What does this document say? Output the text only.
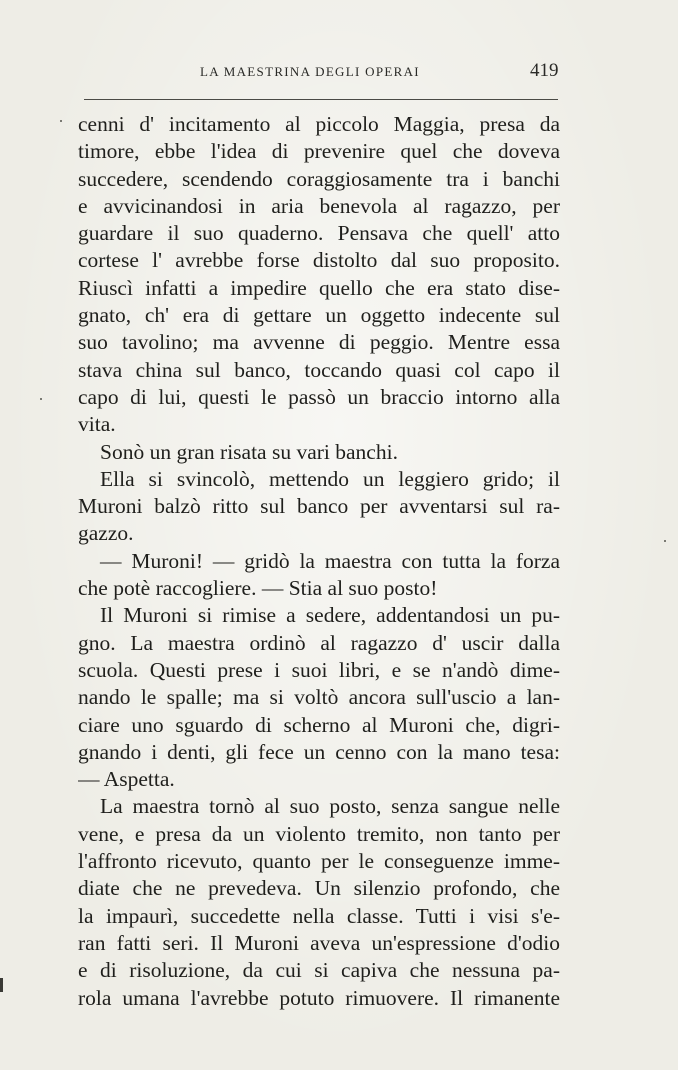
LA MAESTRINA DEGLI OPERAI	419
cenni d' incitamento al piccolo Maggia, presa da
timore, ebbe l'idea di prevenire quel che doveva
succedere, scendendo coraggiosamente tra i banchi
e avvicinandosi in aria benevola al ragazzo, per
guardare il suo quaderno. Pensava che quell' atto
cortese l' avrebbe forse distolto dal suo proposito.
Riuscì infatti a impedire quello che era stato dise-
gnato, ch' era di gettare un oggetto indecente sul
suo tavolino; ma avvenne di peggio. Mentre essa
stava china sul banco, toccando quasi col capo il
capo di lui, questi le passò un braccio intorno alla
vita.
Sonò un gran risata su vari banchi.
Ella si svincolò, mettendo un leggiero grido; il
Muroni balzò ritto sul banco per avventarsi sul ra-
gazzo.
— Muroni! — gridò la maestra con tutta la forza
che potè raccogliere. — Stia al suo posto!
Il Muroni si rimise a sedere, addentandosi un pu-
gno. La maestra ordinò al ragazzo d' uscir dalla
scuola. Questi prese i suoi libri, e se n'andò dime-
nando le spalle; ma si voltò ancora sull'uscio a lan-
ciare uno sguardo di scherno al Muroni che, digri-
gnando i denti, gli fece un cenno con la mano tesa:
— Aspetta.
La maestra tornò al suo posto, senza sangue nelle
vene, e presa da un violento tremito, non tanto per
l'affronto ricevuto, quanto per le conseguenze imme-
diate che ne prevedeva. Un silenzio profondo, che
la impaurì, succedette nella classe. Tutti i visi s'e-
ran fatti seri. Il Muroni aveva un'espressione d'odio
e di risoluzione, da cui si capiva che nessuna pa-
rola umana l'avrebbe potuto rimuovere. Il rimanente
